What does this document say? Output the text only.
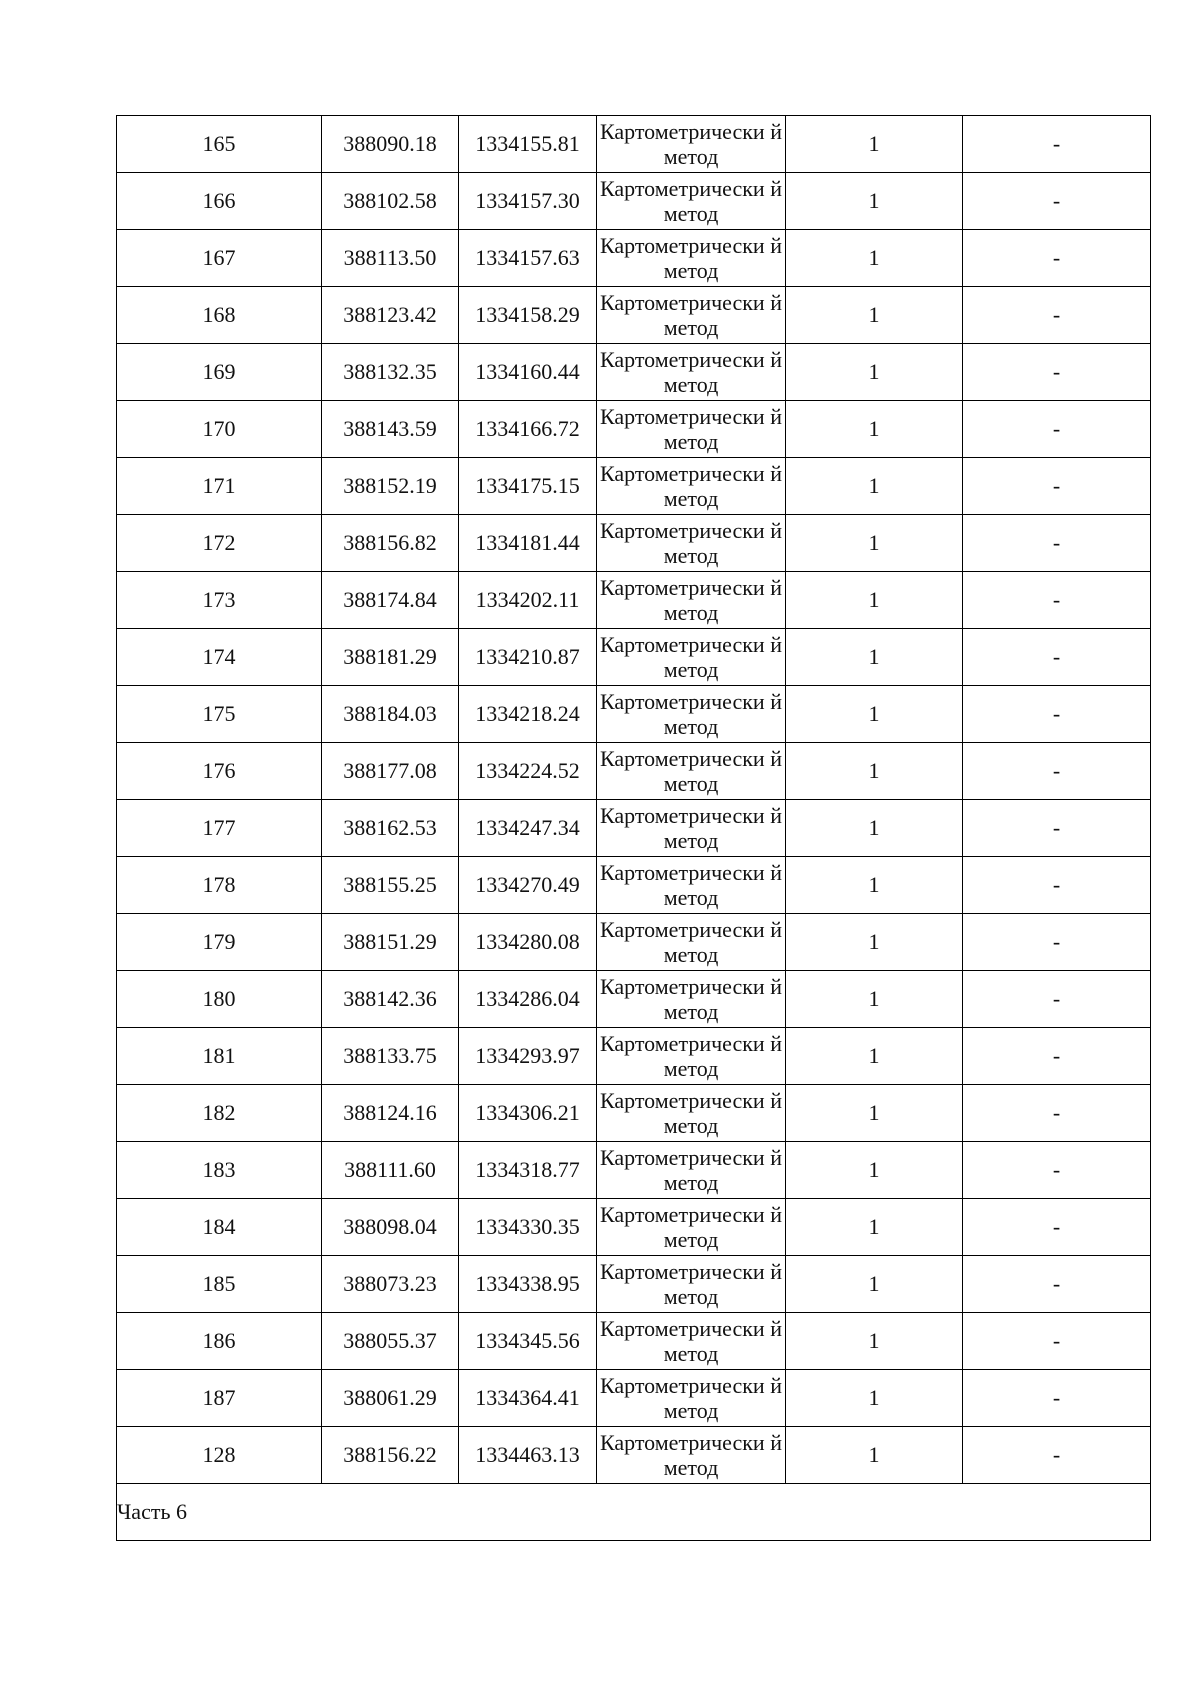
165	388090.18	1334155.81	Картометрически й метод	1	-
166	388102.58	1334157.30	Картометрически й метод	1	-
167	388113.50	1334157.63	Картометрически й метод	1	-
168	388123.42	1334158.29	Картометрически й метод	1	-
169	388132.35	1334160.44	Картометрически й метод	1	-
170	388143.59	1334166.72	Картометрически й метод	1	-
171	388152.19	1334175.15	Картометрически й метод	1	-
172	388156.82	1334181.44	Картометрически й метод	1	-
173	388174.84	1334202.11	Картометрически й метод	1	-
174	388181.29	1334210.87	Картометрически й метод	1	-
175	388184.03	1334218.24	Картометрически й метод	1	-
176	388177.08	1334224.52	Картометрически й метод	1	-
177	388162.53	1334247.34	Картометрически й метод	1	-
178	388155.25	1334270.49	Картометрически й метод	1	-
179	388151.29	1334280.08	Картометрически й метод	1	-
180	388142.36	1334286.04	Картометрически й метод	1	-
181	388133.75	1334293.97	Картометрически й метод	1	-
182	388124.16	1334306.21	Картометрически й метод	1	-
183	388111.60	1334318.77	Картометрически й метод	1	-
184	388098.04	1334330.35	Картометрически й метод	1	-
185	388073.23	1334338.95	Картометрически й метод	1	-
186	388055.37	1334345.56	Картометрически й метод	1	-
187	388061.29	1334364.41	Картометрически й метод	1	-
128	388156.22	1334463.13	Картометрически й метод	1	-
Часть 6					
